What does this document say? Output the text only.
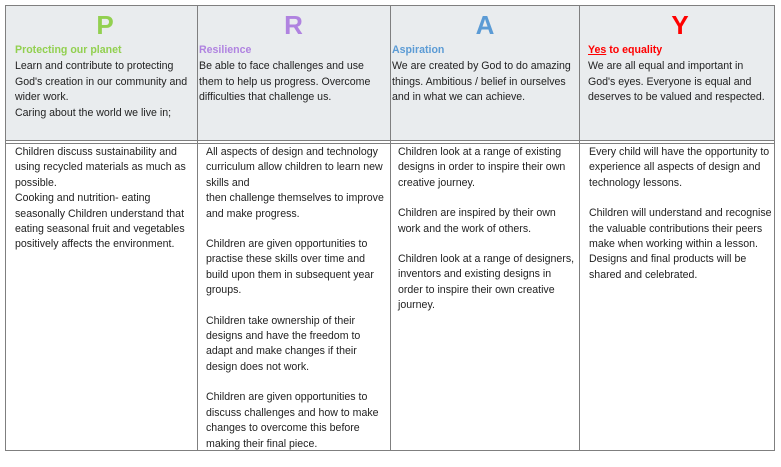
P
Protecting our planet
Learn and contribute to protecting God's creation in our community and wider work.
Caring about the world we live in;
R
Resilience
Be able to face challenges and use them to help us progress. Overcome difficulties that challenge us.
A
Aspiration
We are created by God to do amazing things. Ambitious / belief in ourselves and in what we can achieve.
Y
Yes to equality
We are all equal and important in God's eyes. Everyone is equal and deserves to be valued and respected.
Children discuss sustainability and using recycled materials as much as possible.
Cooking and nutrition- eating seasonally Children understand that eating seasonal fruit and vegetables positively affects the environment.
All aspects of design and technology curriculum allow children to learn new skills and
then challenge themselves to improve and make progress.
Children are given opportunities to practise these skills over time and build upon them in subsequent year groups.
Children take ownership of their designs and have the freedom to adapt and make changes if their design does not work.
Children are given opportunities to discuss challenges and how to make changes to overcome this before making their final piece.
Children look at a range of existing designs in order to inspire their own creative journey.
Children are inspired by their own work and the work of others.
Children look at a range of designers, inventors and existing designs in order to inspire their own creative journey.
Every child will have the opportunity to experience all aspects of design and technology lessons.
Children will understand and recognise the valuable contributions their peers make when working within a lesson. Designs and final products will be shared and celebrated.
